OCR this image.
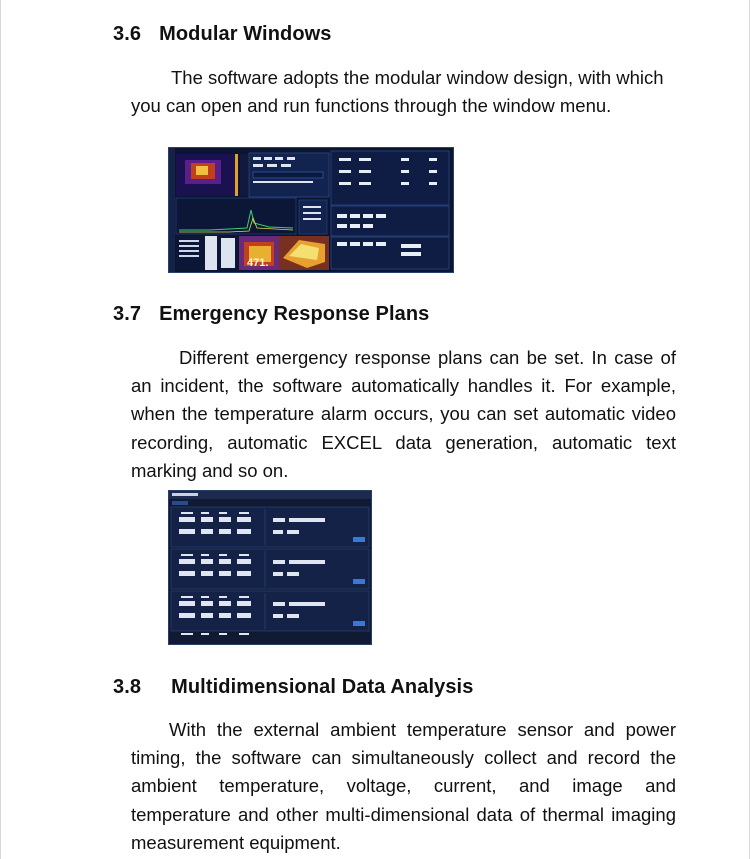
3.6 Modular Windows
The software adopts the modular window design, with which
you can open and run functions through the window menu.
471.
3.7 Emergency Response Plans
Different emergency response plans can be set. In case of
an incident, the software automatically handles it. For example,
when the temperature alarm occurs, you can set automatic video
recording, automatic EXCEL data generation, automatic text
marking and so on.
3.8 Multidimensional Data Analysis
With the external ambient temperature sensor and power
timing, the software can simultaneously collect and record the
ambient temperature, voltage, current, and image and
temperature and other multi-dimensional data of thermal imaging
measurement equipment.
